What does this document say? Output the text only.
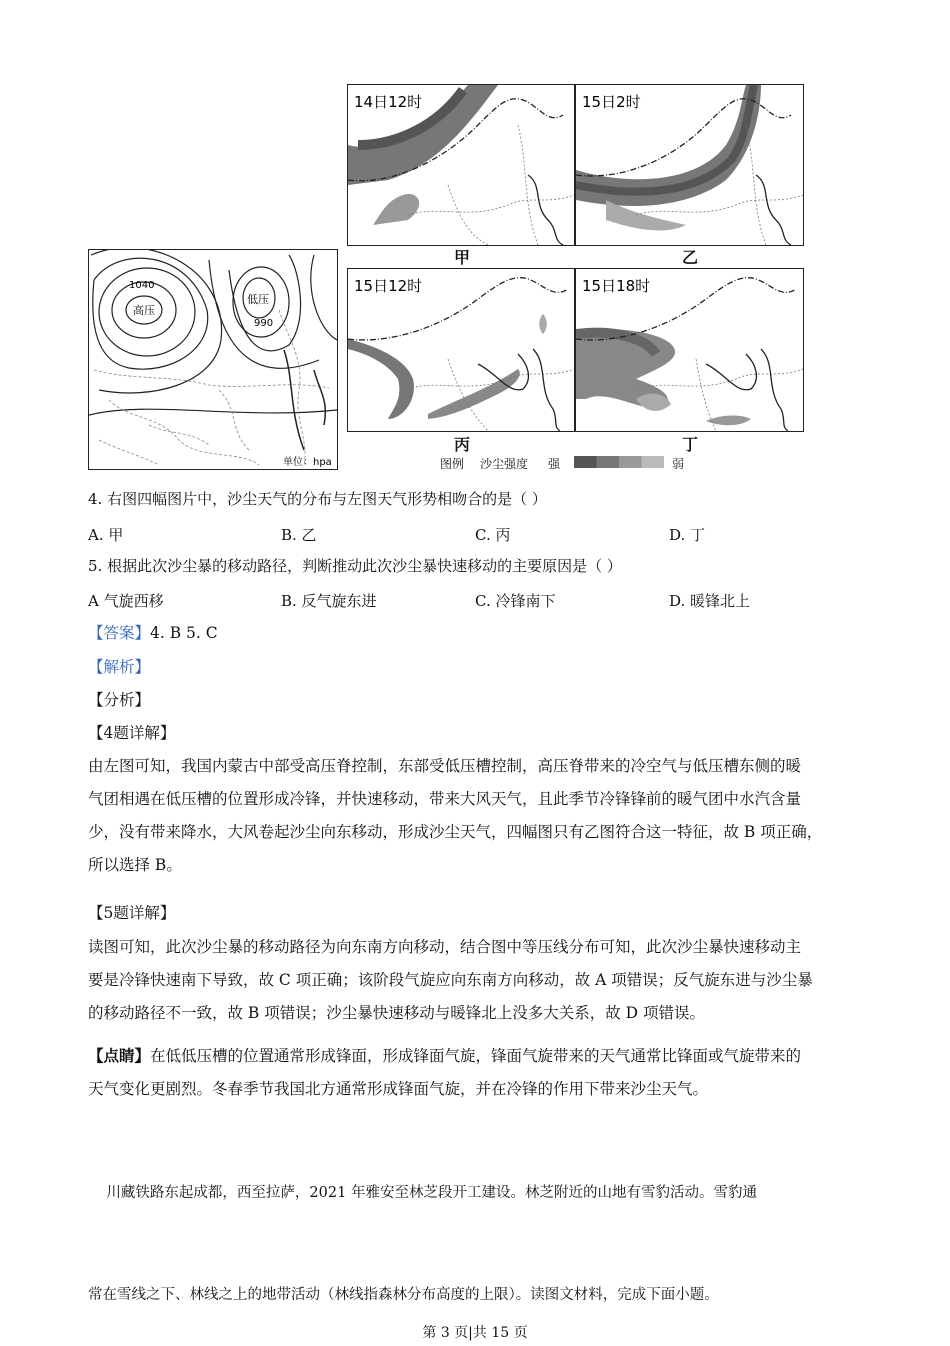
1040
高压
低压
990
单位：hpa
14日12时
甲
15日2时
乙
15日12时
丙
15日18时
丁
图例 沙尘强度 强	弱
4. 右图四幅图片中，沙尘天气的分布与左图天气形势相吻合的是（ ）
A. 甲	B. 乙	C. 丙	D. 丁
5. 根据此次沙尘暴的移动路径，判断推动此次沙尘暴快速移动的主要原因是（ ）
A 气旋西移	B. 反气旋东进	C. 冷锋南下	D. 暖锋北上
【答案】4. B 5. C
【解析】
【分析】
【4题详解】
由左图可知，我国内蒙古中部受高压脊控制，东部受低压槽控制，高压脊带来的冷空气与低压槽东侧的暖
气团相遇在低压槽的位置形成冷锋，并快速移动，带来大风天气，且此季节冷锋锋前的暖气团中水汽含量
少，没有带来降水，大风卷起沙尘向东移动，形成沙尘天气，四幅图只有乙图符合这一特征，故 B 项正确，
所以选择 B。
【5题详解】
读图可知，此次沙尘暴的移动路径为向东南方向移动，结合图中等压线分布可知，此次沙尘暴快速移动主
要是冷锋快速南下导致，故 C 项正确；该阶段气旋应向东南方向移动，故 A 项错误；反气旋东进与沙尘暴
的移动路径不一致，故 B 项错误；沙尘暴快速移动与暖锋北上没多大关系，故 D 项错误。
【点睛】在低低压槽的位置通常形成锋面，形成锋面气旋，锋面气旋带来的天气通常比锋面或气旋带来的
天气变化更剧烈。冬春季节我国北方通常形成锋面气旋，并在冷锋的作用下带来沙尘天气。

川藏铁路东起成都，西至拉萨，2021 年雅安至林芝段开工建设。林芝附近的山地有雪豹活动。雪豹通

常在雪线之下、林线之上的地带活动（林线指森林分布高度的上限）。读图文材料，完成下面小题。

第 3 页|共 15 页
